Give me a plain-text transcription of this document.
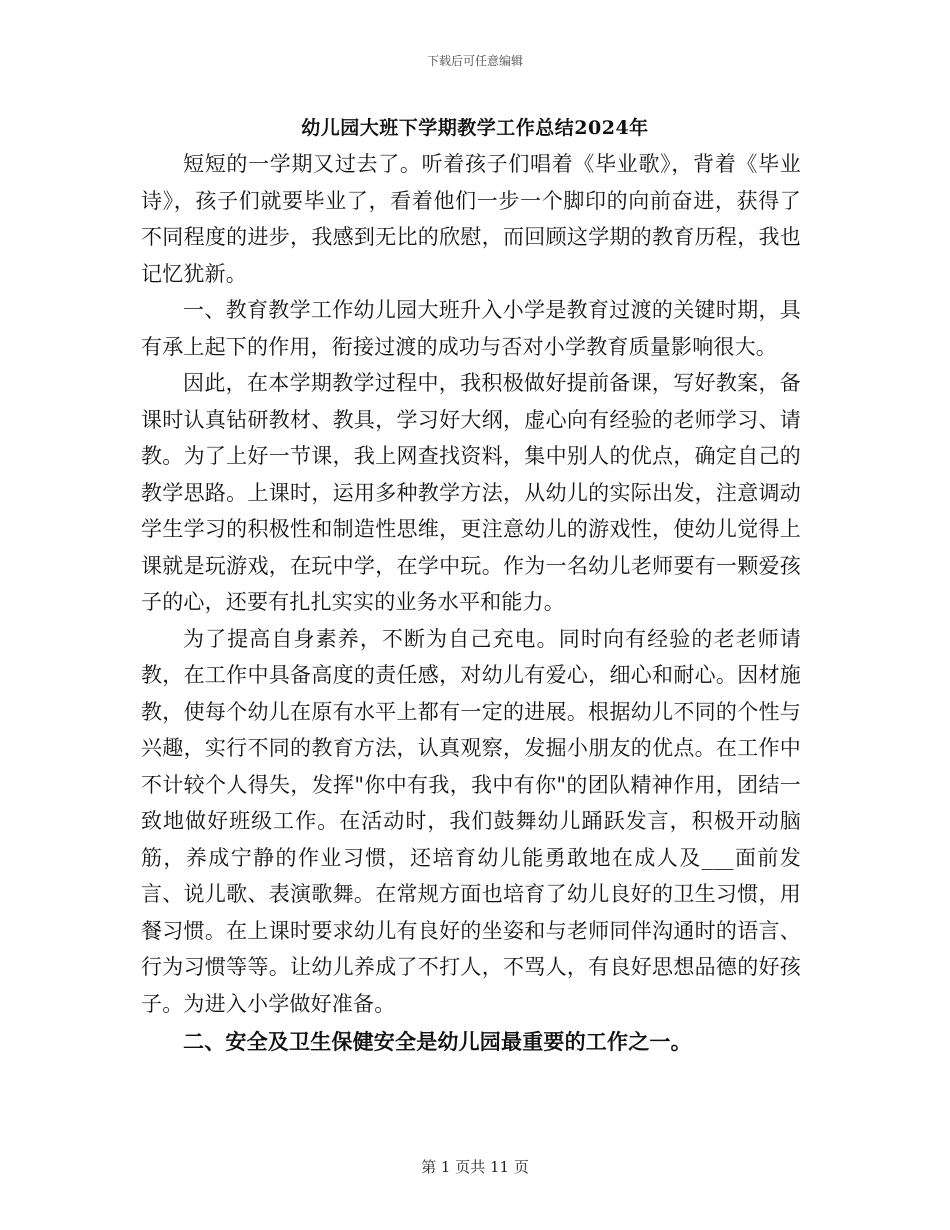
下载后可任意编辑
幼儿园大班下学期教学工作总结2024年

短短的一学期又过去了。听着孩子们唱着《毕业歌》，背着《毕业诗》，孩子们就要毕业了，看着他们一步一个脚印的向前奋进，获得了不同程度的进步，我感到无比的欣慰，而回顾这学期的教育历程，我也记忆犹新。

一、教育教学工作幼儿园大班升入小学是教育过渡的关键时期，具有承上起下的作用，衔接过渡的成功与否对小学教育质量影响很大。

因此，在本学期教学过程中，我积极做好提前备课，写好教案，备课时认真钻研教材、教具，学习好大纲，虚心向有经验的老师学习、请教。为了上好一节课，我上网查找资料，集中别人的优点，确定自己的教学思路。上课时，运用多种教学方法，从幼儿的实际出发，注意调动学生学习的积极性和制造性思维，更注意幼儿的游戏性，使幼儿觉得上课就是玩游戏，在玩中学，在学中玩。作为一名幼儿老师要有一颗爱孩子的心，还要有扎扎实实的业务水平和能力。

为了提高自身素养，不断为自己充电。同时向有经验的老老师请教，在工作中具备高度的责任感，对幼儿有爱心，细心和耐心。因材施教，使每个幼儿在原有水平上都有一定的进展。根据幼儿不同的个性与兴趣，实行不同的教育方法，认真观察，发掘小朋友的优点。在工作中不计较个人得失，发挥"你中有我，我中有你"的团队精神作用，团结一致地做好班级工作。在活动时，我们鼓舞幼儿踊跃发言，积极开动脑筋，养成宁静的作业习惯，还培育幼儿能勇敢地在成人及___面前发言、说儿歌、表演歌舞。在常规方面也培育了幼儿良好的卫生习惯，用餐习惯。在上课时要求幼儿有良好的坐姿和与老师同伴沟通时的语言、行为习惯等等。让幼儿养成了不打人，不骂人，有良好思想品德的好孩子。为进入小学做好准备。

二、安全及卫生保健安全是幼儿园最重要的工作之一。

第 1 页共 11 页
